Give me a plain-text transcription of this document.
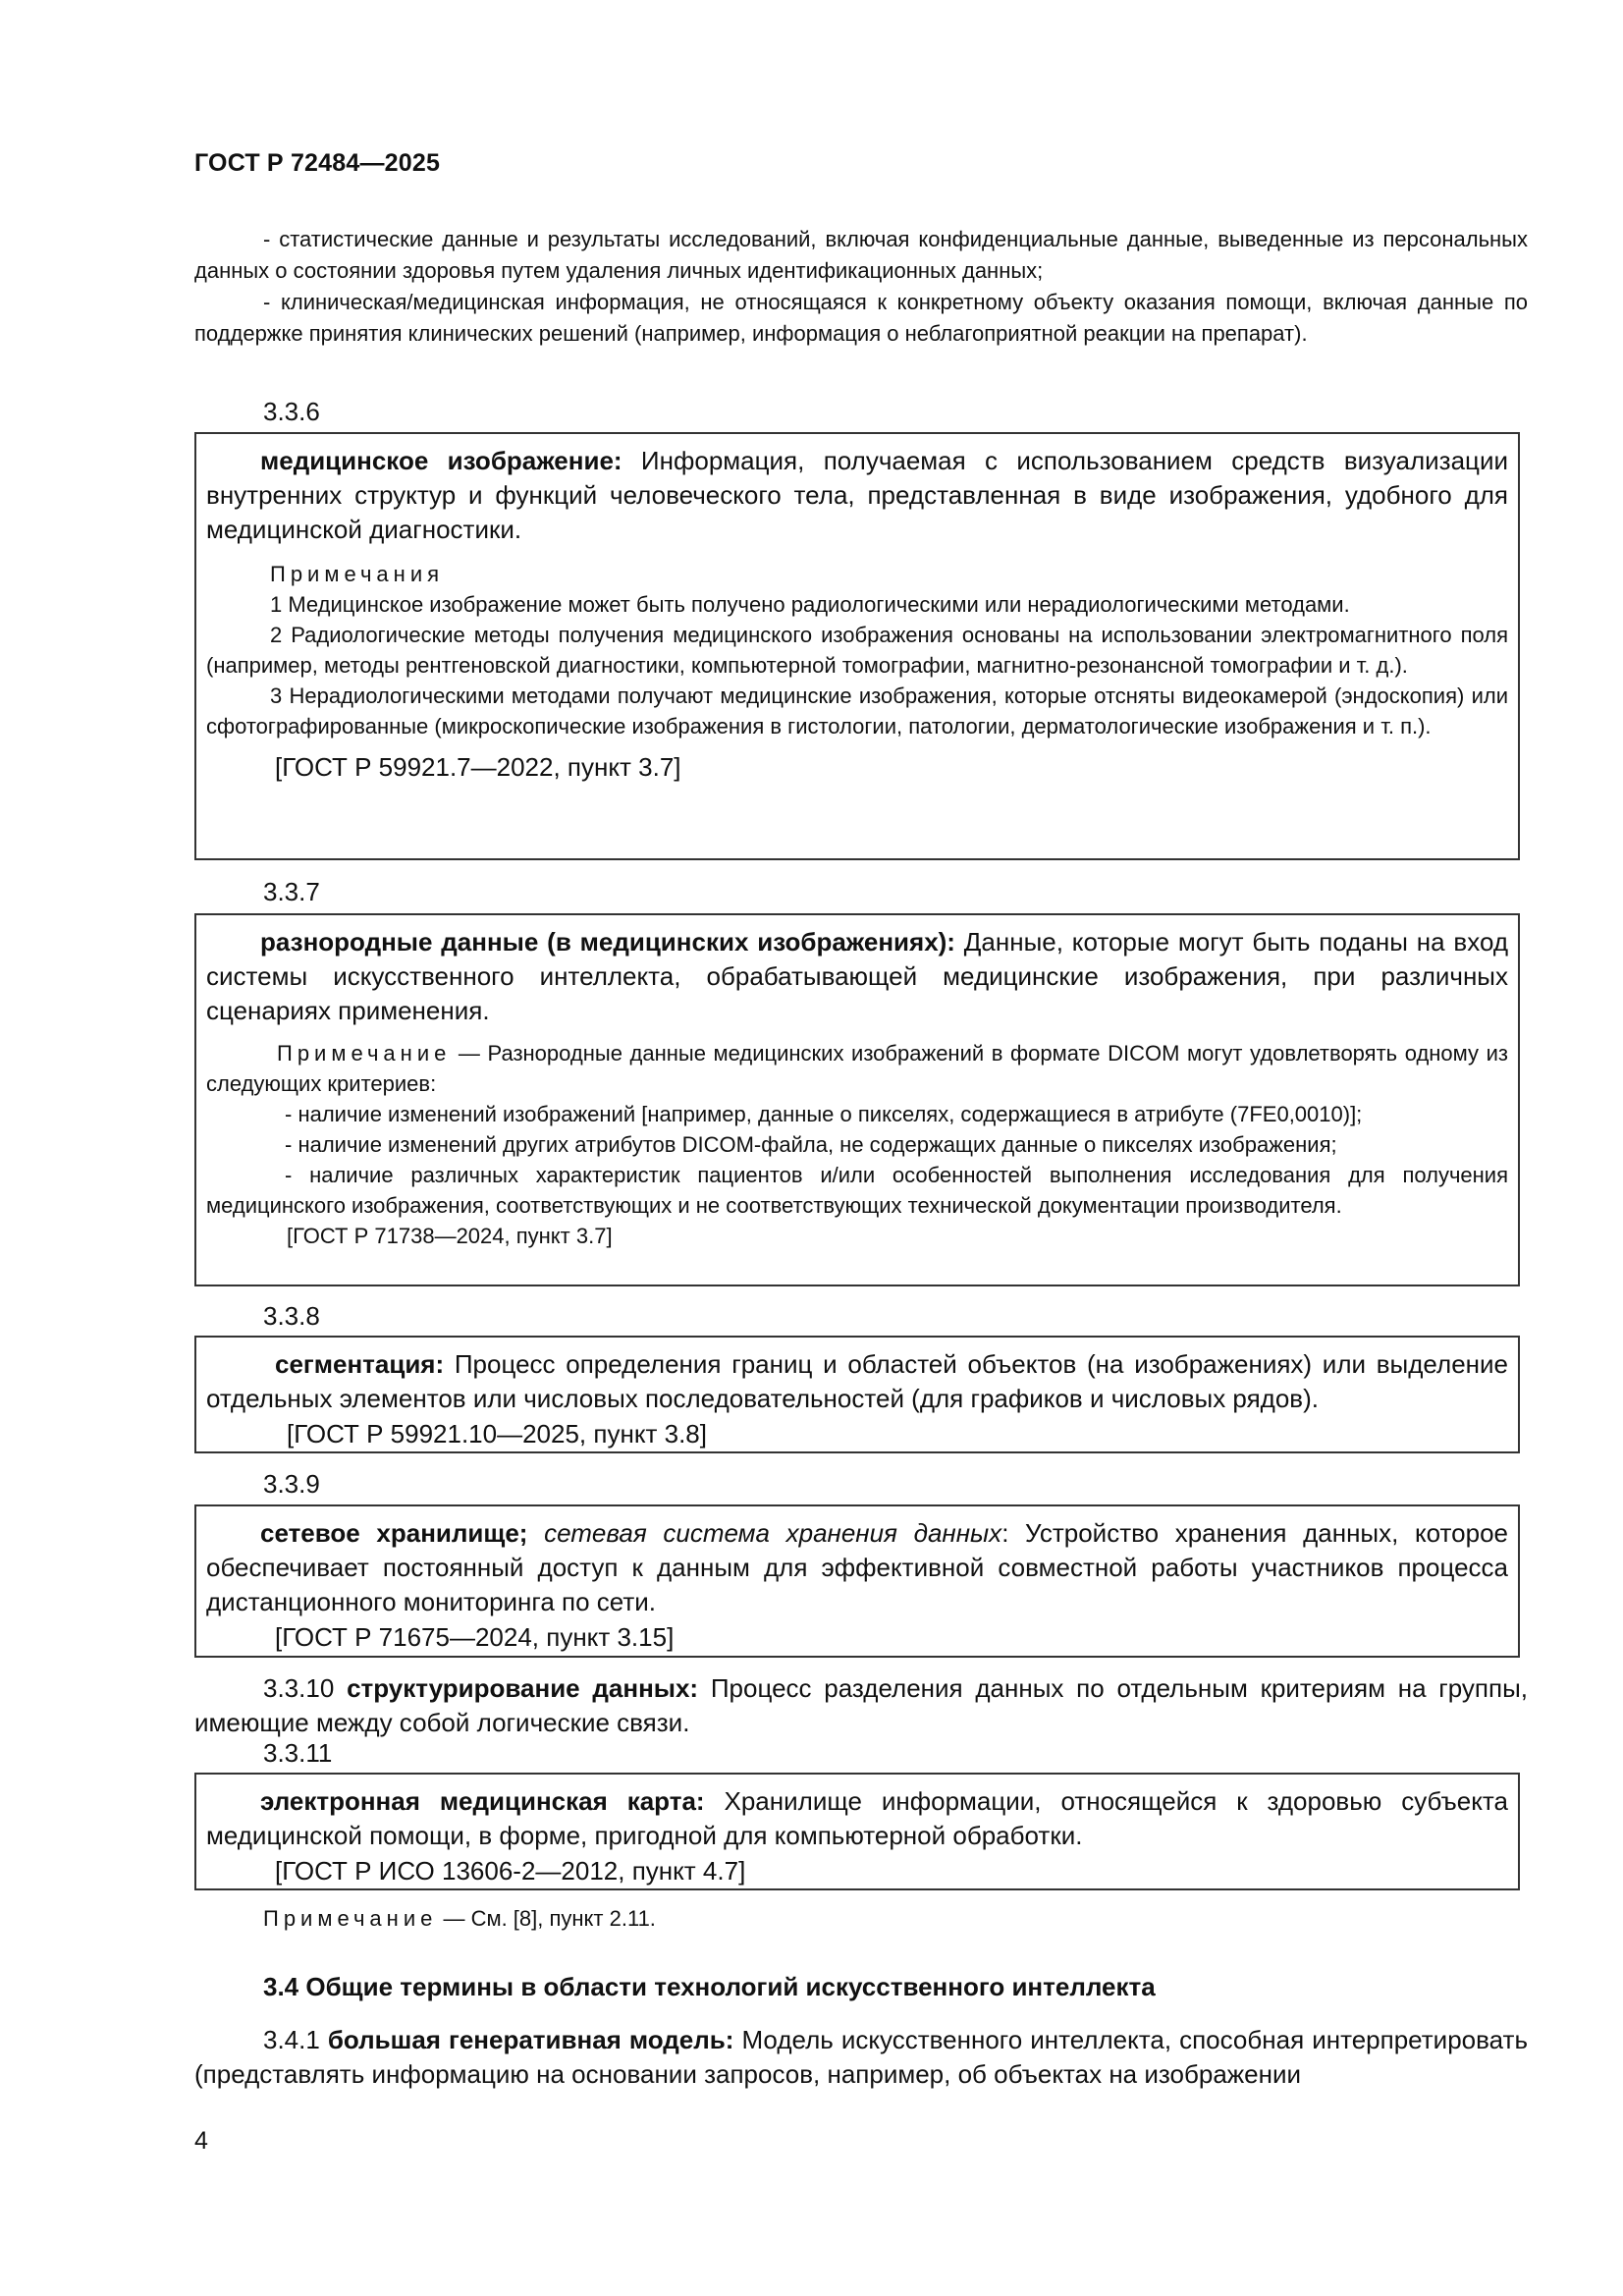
ГОСТ Р 72484—2025

- статистические данные и результаты исследований, включая конфиденциальные данные, выведенные из персональных данных о состоянии здоровья путем удаления личных идентификационных данных;

- клиническая/медицинская информация, не относящаяся к конкретному объекту оказания помощи, включая данные по поддержке принятия клинических решений (например, информация о неблагоприятной реакции на препарат).

3.3.6

медицинское изображение: Информация, получаемая с использованием средств визуализации внутренних структур и функций человеческого тела, представленная в виде изображения, удобного для медицинской диагностики.

Примечания

1 Медицинское изображение может быть получено радиологическими или нерадиологическими методами.

2 Радиологические методы получения медицинского изображения основаны на использовании электромагнитного поля (например, методы рентгеновской диагностики, компьютерной томографии, магнитно-резонансной томографии и т. д.).

3 Нерадиологическими методами получают медицинские изображения, которые отсняты видеокамерой (эндоскопия) или сфотографированные (микроскопические изображения в гистологии, патологии, дерматологические изображения и т. п.).

[ГОСТ Р 59921.7—2022, пункт 3.7]

3.3.7

разнородные данные (в медицинских изображениях): Данные, которые могут быть поданы на вход системы искусственного интеллекта, обрабатывающей медицинские изображения, при различных сценариях применения.

Примечание — Разнородные данные медицинских изображений в формате DICOM могут удовлетворять одному из следующих критериев:

- наличие изменений изображений [например, данные о пикселях, содержащиеся в атрибуте (7FE0,0010)];

- наличие изменений других атрибутов DICOM-файла, не содержащих данные о пикселях изображения;

- наличие различных характеристик пациентов и/или особенностей выполнения исследования для получения медицинского изображения, соответствующих и не соответствующих технической документации производителя.

[ГОСТ Р 71738—2024, пункт 3.7]

3.3.8

сегментация: Процесс определения границ и областей объектов (на изображениях) или выделение отдельных элементов или числовых последовательностей (для графиков и числовых рядов).

[ГОСТ Р 59921.10—2025, пункт 3.8]

3.3.9

сетевое хранилище; сетевая система хранения данных: Устройство хранения данных, которое обеспечивает постоянный доступ к данным для эффективной совместной работы участников процесса дистанционного мониторинга по сети.

[ГОСТ Р 71675—2024, пункт 3.15]

3.3.10 структурирование данных: Процесс разделения данных по отдельным критериям на группы, имеющие между собой логические связи.

3.3.11

электронная медицинская карта: Хранилище информации, относящейся к здоровью субъекта медицинской помощи, в форме, пригодной для компьютерной обработки.

[ГОСТ Р ИСО 13606-2—2012, пункт 4.7]

Примечание — См. [8], пункт 2.11.
3.4 Общие термины в области технологий искусственного интеллекта

3.4.1 большая генеративная модель: Модель искусственного интеллекта, способная интерпретировать (представлять информацию на основании запросов, например, об объектах на изображении

4
